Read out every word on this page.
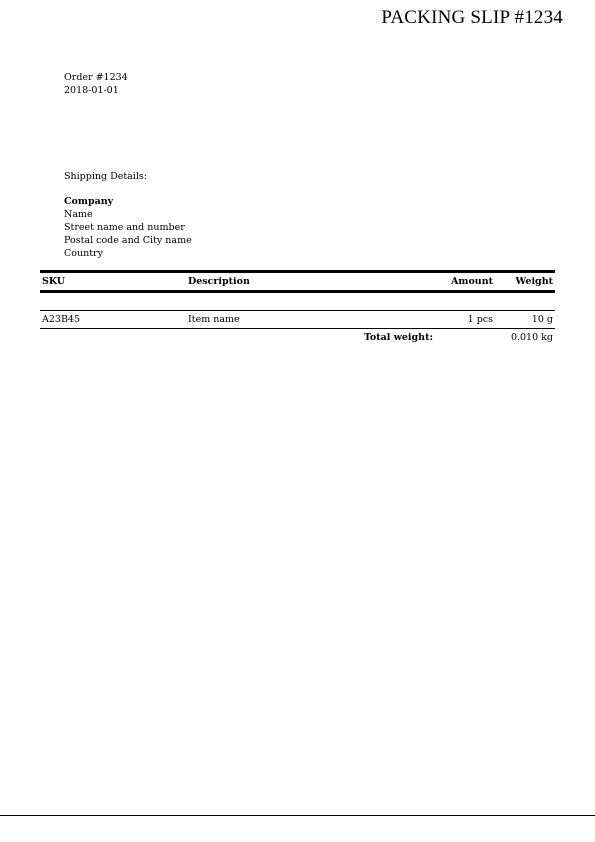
PACKING SLIP #1234
Order #1234
2018-01-01
Shipping Details:
Company
Name
Street name and number
Postal code and City name
Country
SKU	Description	Amount Weight
A23B45	Item name	1 pcs	10 g
Total weight:	0.010 kg
